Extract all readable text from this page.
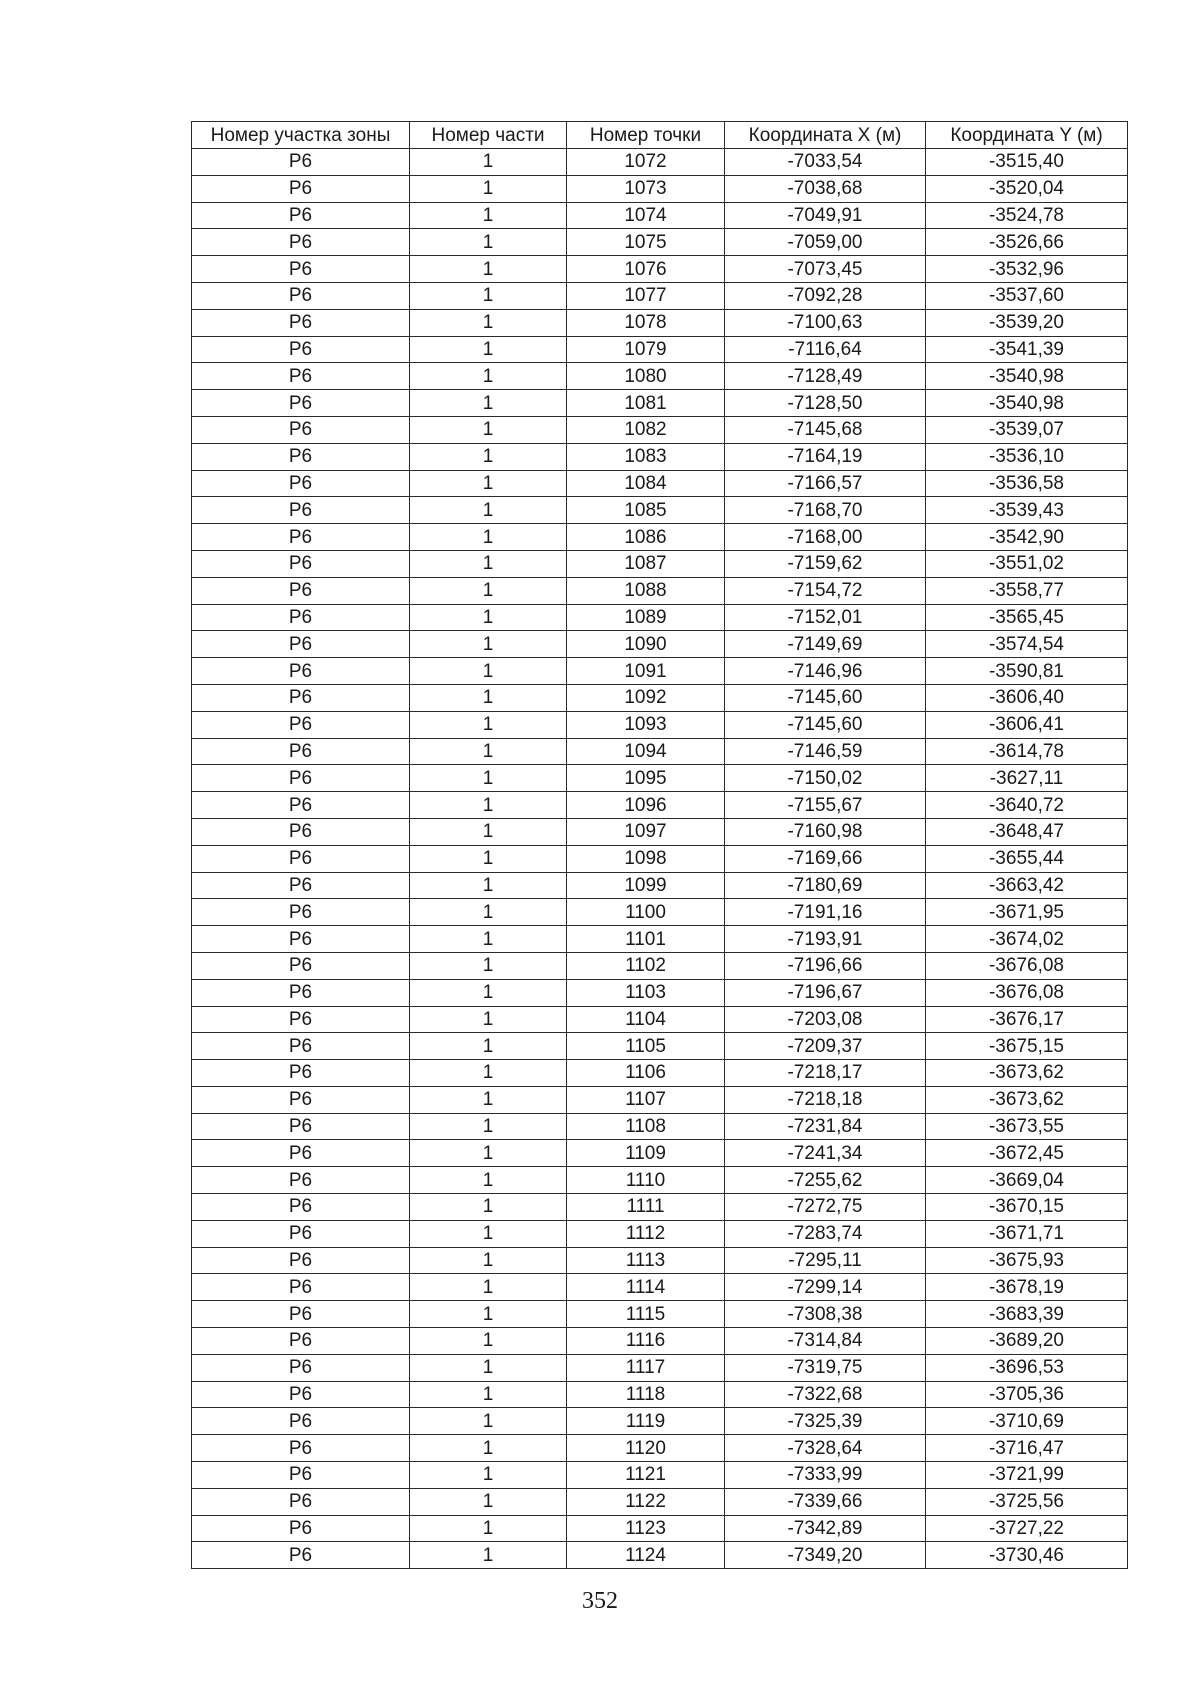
Номер участка зоны	Номер части	Номер точки	Координата X (м)	Координата Y (м)
Р6	1	1072	-7033,54	-3515,40
Р6	1	1073	-7038,68	-3520,04
Р6	1	1074	-7049,91	-3524,78
Р6	1	1075	-7059,00	-3526,66
Р6	1	1076	-7073,45	-3532,96
Р6	1	1077	-7092,28	-3537,60
Р6	1	1078	-7100,63	-3539,20
Р6	1	1079	-7116,64	-3541,39
Р6	1	1080	-7128,49	-3540,98
Р6	1	1081	-7128,50	-3540,98
Р6	1	1082	-7145,68	-3539,07
Р6	1	1083	-7164,19	-3536,10
Р6	1	1084	-7166,57	-3536,58
Р6	1	1085	-7168,70	-3539,43
Р6	1	1086	-7168,00	-3542,90
Р6	1	1087	-7159,62	-3551,02
Р6	1	1088	-7154,72	-3558,77
Р6	1	1089	-7152,01	-3565,45
Р6	1	1090	-7149,69	-3574,54
Р6	1	1091	-7146,96	-3590,81
Р6	1	1092	-7145,60	-3606,40
Р6	1	1093	-7145,60	-3606,41
Р6	1	1094	-7146,59	-3614,78
Р6	1	1095	-7150,02	-3627,11
Р6	1	1096	-7155,67	-3640,72
Р6	1	1097	-7160,98	-3648,47
Р6	1	1098	-7169,66	-3655,44
Р6	1	1099	-7180,69	-3663,42
Р6	1	1100	-7191,16	-3671,95
Р6	1	1101	-7193,91	-3674,02
Р6	1	1102	-7196,66	-3676,08
Р6	1	1103	-7196,67	-3676,08
Р6	1	1104	-7203,08	-3676,17
Р6	1	1105	-7209,37	-3675,15
Р6	1	1106	-7218,17	-3673,62
Р6	1	1107	-7218,18	-3673,62
Р6	1	1108	-7231,84	-3673,55
Р6	1	1109	-7241,34	-3672,45
Р6	1	1110	-7255,62	-3669,04
Р6	1	1111	-7272,75	-3670,15
Р6	1	1112	-7283,74	-3671,71
Р6	1	1113	-7295,11	-3675,93
Р6	1	1114	-7299,14	-3678,19
Р6	1	1115	-7308,38	-3683,39
Р6	1	1116	-7314,84	-3689,20
Р6	1	1117	-7319,75	-3696,53
Р6	1	1118	-7322,68	-3705,36
Р6	1	1119	-7325,39	-3710,69
Р6	1	1120	-7328,64	-3716,47
Р6	1	1121	-7333,99	-3721,99
Р6	1	1122	-7339,66	-3725,56
Р6	1	1123	-7342,89	-3727,22
Р6	1	1124	-7349,20	-3730,46
352
